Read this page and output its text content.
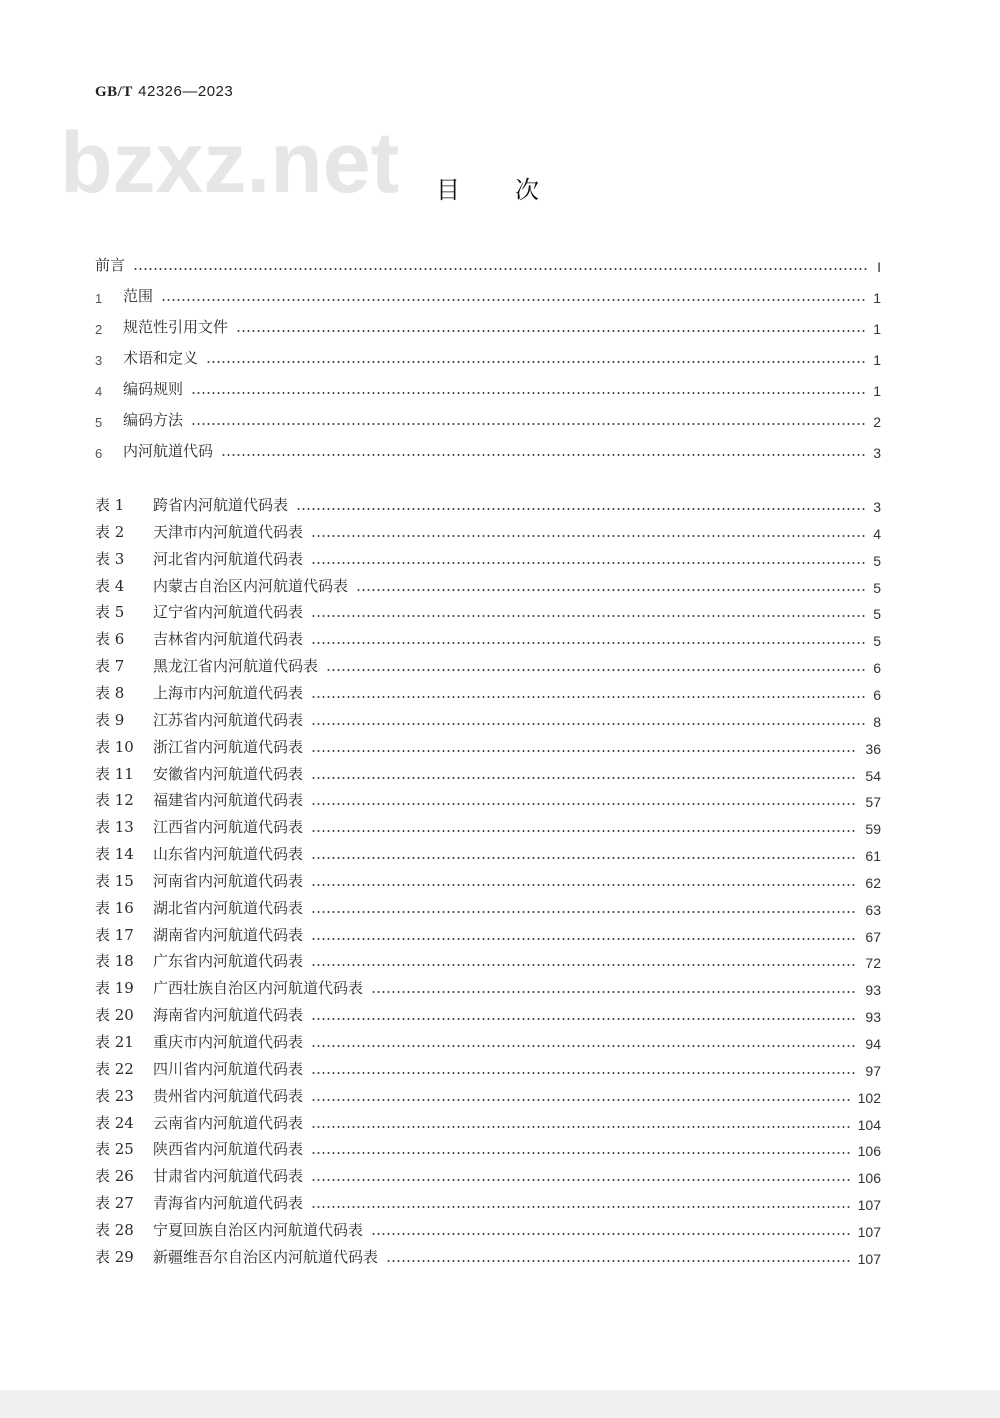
GB/T 42326—2023
bzxz.net 目 次
前言	I
1	范围	1
2	规范性引用文件	1
3	术语和定义	1
4	编码规则	1
5	编码方法	2
6	内河航道代码	3
表 1	跨省内河航道代码表	3
表 2	天津市内河航道代码表	4
表 3	河北省内河航道代码表	5
表 4	内蒙古自治区内河航道代码表	5
表 5	辽宁省内河航道代码表	5
表 6	吉林省内河航道代码表	5
表 7	黑龙江省内河航道代码表	6
表 8	上海市内河航道代码表	6
表 9	江苏省内河航道代码表	8
表 10	浙江省内河航道代码表	36
表 11	安徽省内河航道代码表	54
表 12	福建省内河航道代码表	57
表 13	江西省内河航道代码表	59
表 14	山东省内河航道代码表	61
表 15	河南省内河航道代码表	62
表 16	湖北省内河航道代码表	63
表 17	湖南省内河航道代码表	67
表 18	广东省内河航道代码表	72
表 19	广西壮族自治区内河航道代码表	93
表 20	海南省内河航道代码表	93
表 21	重庆市内河航道代码表	94
表 22	四川省内河航道代码表	97
表 23	贵州省内河航道代码表	102
表 24	云南省内河航道代码表	104
表 25	陕西省内河航道代码表	106
表 26	甘肃省内河航道代码表	106
表 27	青海省内河航道代码表	107
表 28	宁夏回族自治区内河航道代码表	107
表 29	新疆维吾尔自治区内河航道代码表	107
